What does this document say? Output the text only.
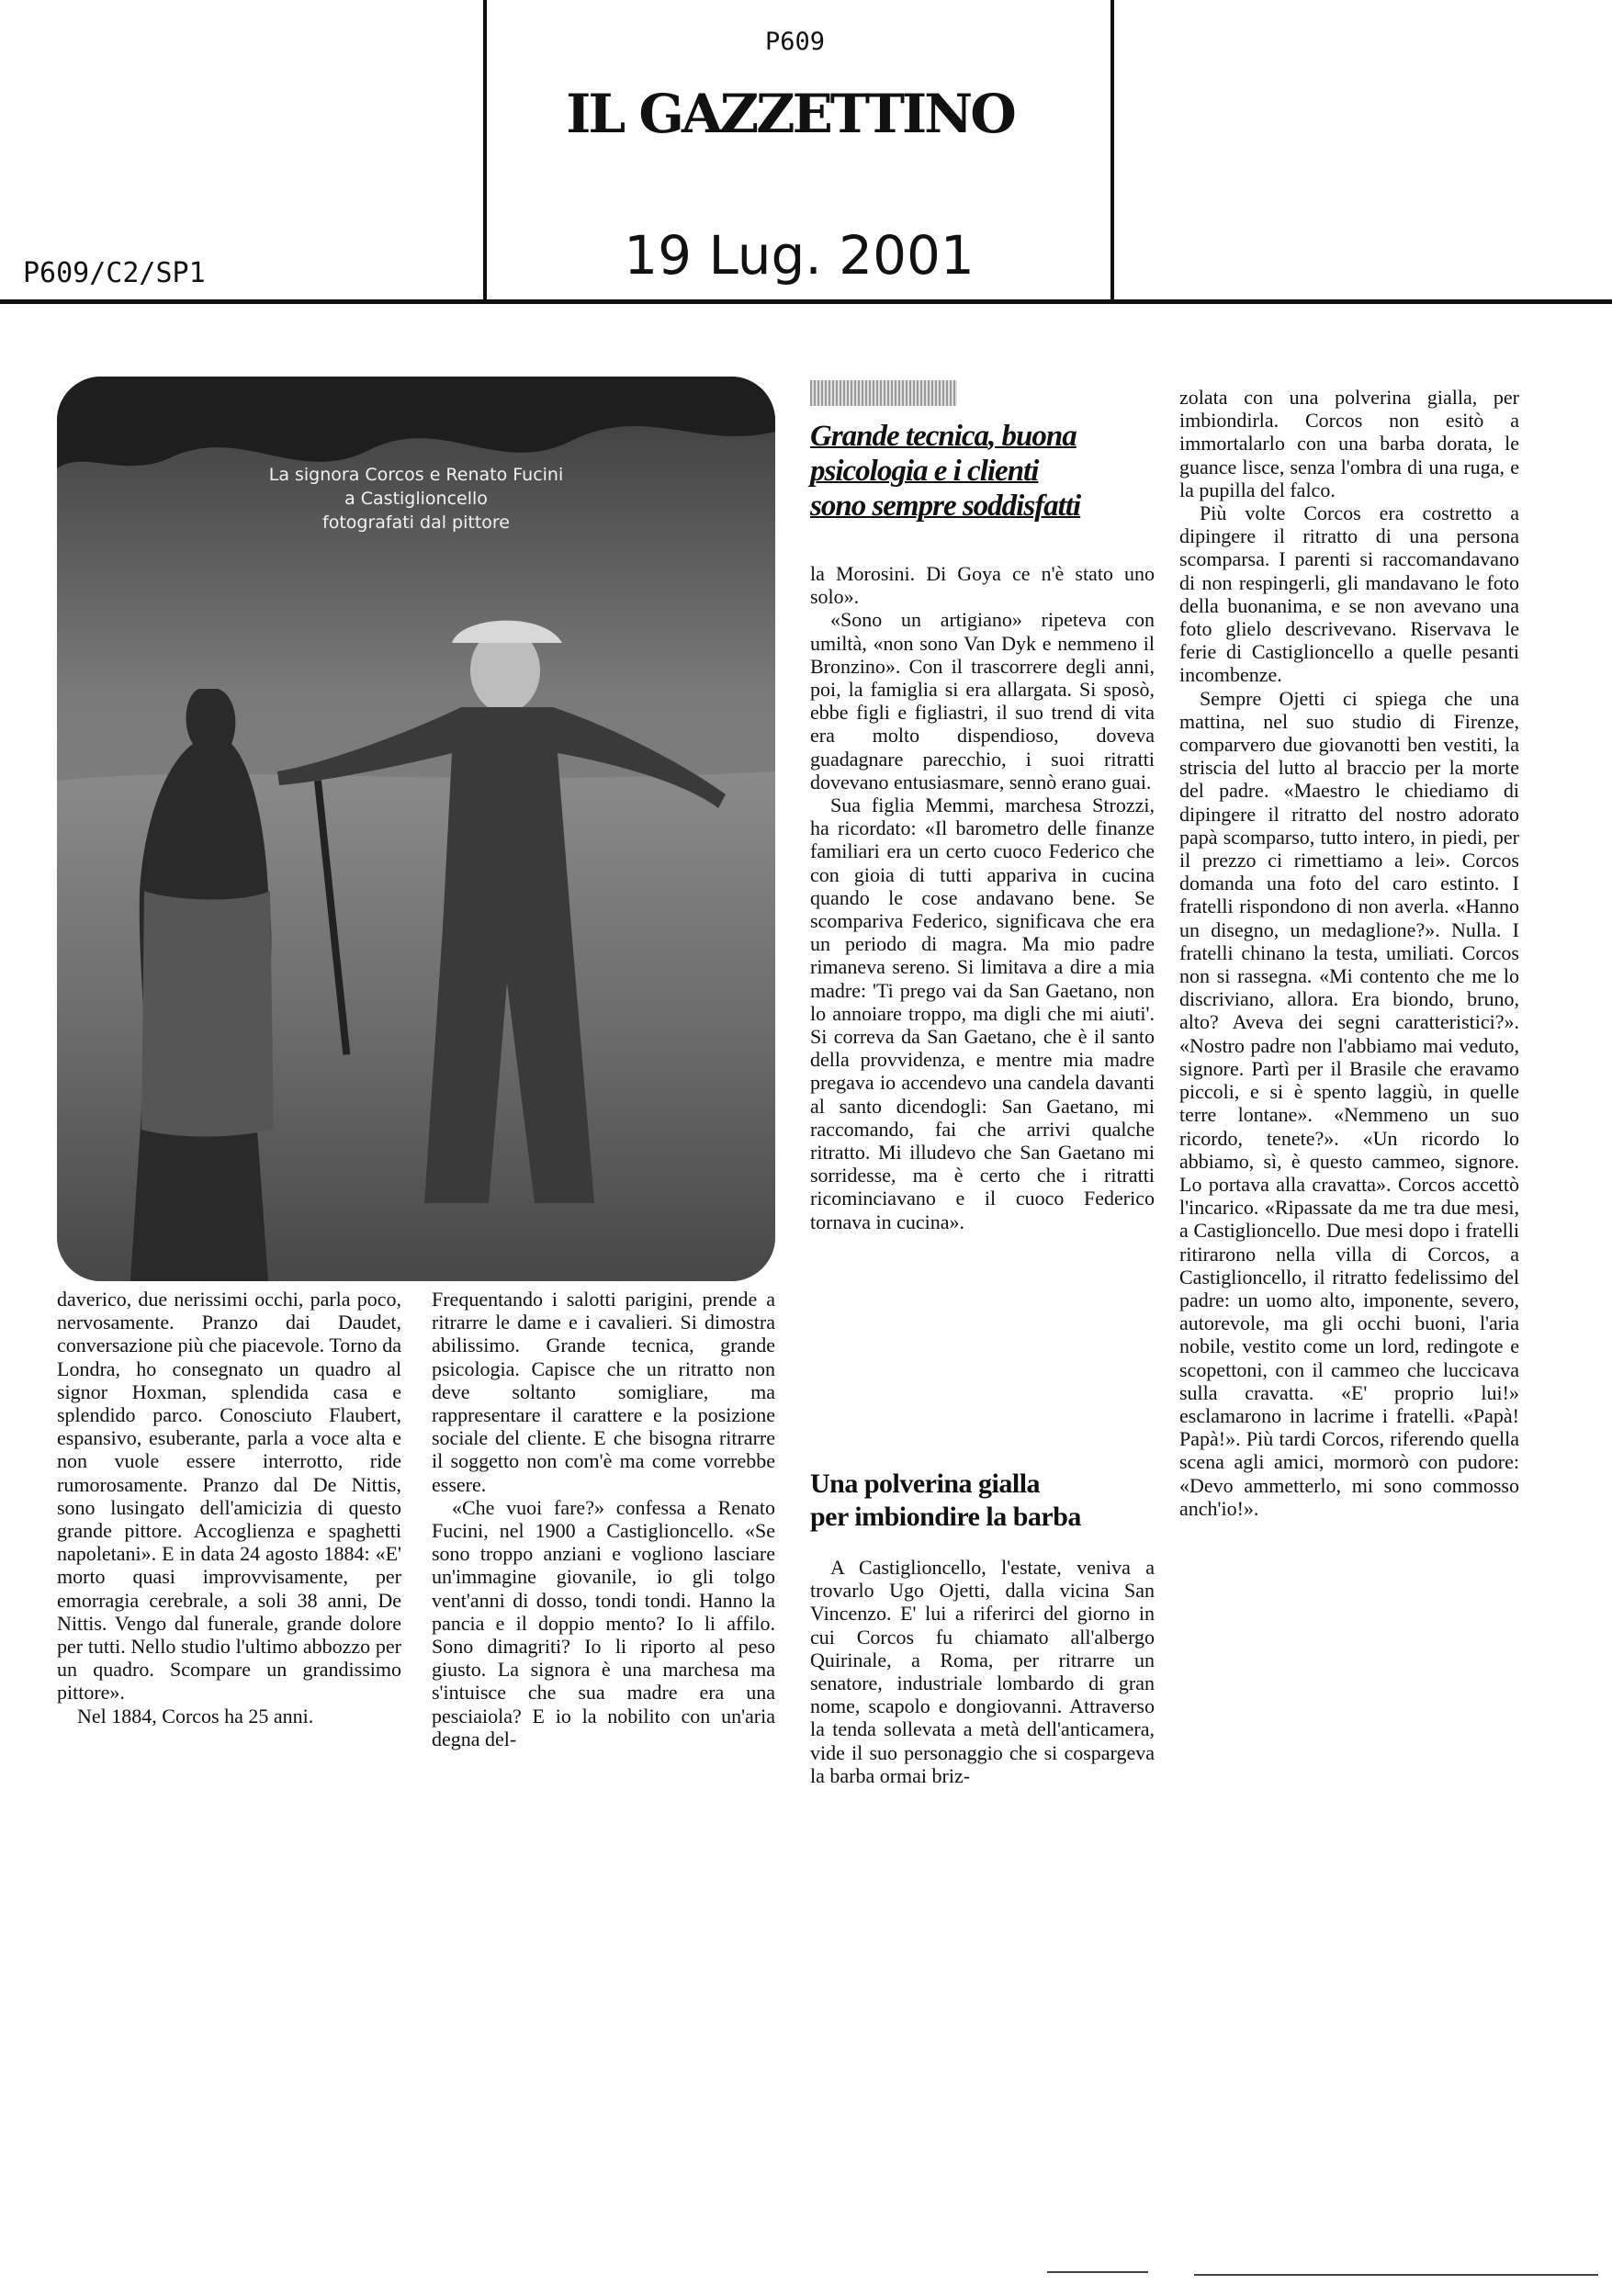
P609
IL GAZZETTINO
P609/C2/SP1	19 Lug. 2001
La signora Corcos e Renato Fucini
a Castiglioncello
fotografati dal pittore

daverico, due nerissimi occhi, parla poco, nervosamente. Pranzo dai Daudet, conversazione più che piacevole. Torno da Londra, ho consegnato un quadro al signor Hoxman, splendida casa e splendido parco. Conosciuto Flaubert, espansivo, esuberante, parla a voce alta e non vuole essere interrotto, ride rumorosamente. Pranzo dal De Nittis, sono lusingato dell'amicizia di questo grande pittore. Accoglienza e spaghetti napoletani». E in data 24 agosto 1884: «E' morto quasi improvvisamente, per emorragia cerebrale, a soli 38 anni, De Nittis. Vengo dal funerale, grande dolore per tutti. Nello studio l'ultimo abbozzo per un quadro. Scompare un grandissimo pittore».

Nel 1884, Corcos ha 25 anni.

Frequentando i salotti parigini, prende a ritrarre le dame e i cavalieri. Si dimostra abilissimo. Grande tecnica, grande psicologia. Capisce che un ritratto non deve soltanto somigliare, ma rappresentare il carattere e la posizione sociale del cliente. E che bisogna ritrarre il soggetto non com'è ma come vorrebbe essere.

«Che vuoi fare?» confessa a Renato Fucini, nel 1900 a Castiglioncello. «Se sono troppo anziani e vogliono lasciare un'immagine giovanile, io gli tolgo vent'anni di dosso, tondi tondi. Hanno la pancia e il doppio mento? Io li affilo. Sono dimagriti? Io li riporto al peso giusto. La signora è una marchesa ma s'intuisce che sua madre era una pesciaiola? E io la nobilito con un'aria degna del-

Grande tecnica, buona
psicologia e i clienti
sono sempre soddisfatti

la Morosini. Di Goya ce n'è stato uno solo».

«Sono un artigiano» ripeteva con umiltà, «non sono Van Dyk e nemmeno il Bronzino». Con il trascorrere degli anni, poi, la famiglia si era allargata. Si sposò, ebbe figli e figliastri, il suo trend di vita era molto dispendioso, doveva guadagnare parecchio, i suoi ritratti dovevano entusiasmare, sennò erano guai.

Sua figlia Memmi, marchesa Strozzi, ha ricordato: «Il barometro delle finanze familiari era un certo cuoco Federico che con gioia di tutti appariva in cucina quando le cose andavano bene. Se scompariva Federico, significava che era un periodo di magra. Ma mio padre rimaneva sereno. Si limitava a dire a mia madre: 'Ti prego vai da San Gaetano, non lo annoiare troppo, ma digli che mi aiuti'. Si correva da San Gaetano, che è il santo della provvidenza, e mentre mia madre pregava io accendevo una candela davanti al santo dicendogli: San Gaetano, mi raccomando, fai che arrivi qualche ritratto. Mi illudevo che San Gaetano mi sorridesse, ma è certo che i ritratti ricominciavano e il cuoco Federico tornava in cucina».

Una polverina gialla
per imbiondire la barba

A Castiglioncello, l'estate, veniva a trovarlo Ugo Ojetti, dalla vicina San Vincenzo. E' lui a riferirci del giorno in cui Corcos fu chiamato all'albergo Quirinale, a Roma, per ritrarre un senatore, industriale lombardo di gran nome, scapolo e dongiovanni. Attraverso la tenda sollevata a metà dell'anticamera, vide il suo personaggio che si cospargeva la barba ormai briz-

zolata con una polverina gialla, per imbiondirla. Corcos non esitò a immortalarlo con una barba dorata, le guance lisce, senza l'ombra di una ruga, e la pupilla del falco.

Più volte Corcos era costretto a dipingere il ritratto di una persona scomparsa. I parenti si raccomandavano di non respingerli, gli mandavano le foto della buonanima, e se non avevano una foto glielo descrivevano. Riservava le ferie di Castiglioncello a quelle pesanti incombenze.

Sempre Ojetti ci spiega che una mattina, nel suo studio di Firenze, comparvero due giovanotti ben vestiti, la striscia del lutto al braccio per la morte del padre. «Maestro le chiediamo di dipingere il ritratto del nostro adorato papà scomparso, tutto intero, in piedi, per il prezzo ci rimettiamo a lei». Corcos domanda una foto del caro estinto. I fratelli rispondono di non averla. «Hanno un disegno, un medaglione?». Nulla. I fratelli chinano la testa, umiliati. Corcos non si rassegna. «Mi contento che me lo discriviano, allora. Era biondo, bruno, alto? Aveva dei segni caratteristici?». «Nostro padre non l'abbiamo mai veduto, signore. Partì per il Brasile che eravamo piccoli, e si è spento laggiù, in quelle terre lontane». «Nemmeno un suo ricordo, tenete?». «Un ricordo lo abbiamo, sì, è questo cammeo, signore. Lo portava alla cravatta». Corcos accettò l'incarico. «Ripassate da me tra due mesi, a Castiglioncello. Due mesi dopo i fratelli ritirarono nella villa di Corcos, a Castiglioncello, il ritratto fedelissimo del padre: un uomo alto, imponente, severo, autorevole, ma gli occhi buoni, l'aria nobile, vestito come un lord, redingote e scopettoni, con il cammeo che luccicava sulla cravatta. «E' proprio lui!» esclamarono in lacrime i fratelli. «Papà! Papà!». Più tardi Corcos, riferendo quella scena agli amici, mormorò con pudore: «Devo ammetterlo, mi sono commosso anch'io!».
